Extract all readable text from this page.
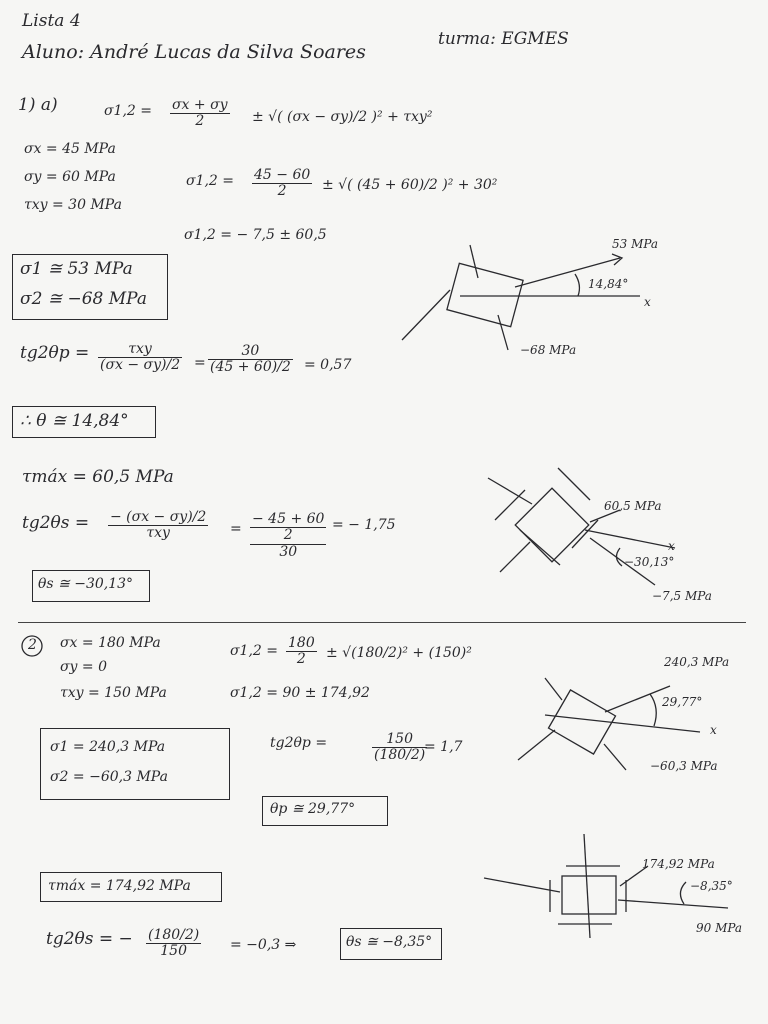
Lista 4
Aluno: André Lucas da Silva Soares
turma: EGMES
1) a)	$\sigma 1,2 = \frac{\sigma x + \sigma y}{2}$ ± √( (σx − σy)/2 )² + τxy²
σx = 45 MPa
σy = 60 MPa
τxy = 30 MPa
$\sigma 1,2 = \frac{45 - 60}{2}$ ± √( (45 + 60)/2 )² + 30²
σ1,2 = − 7,5 ± 60,5
σ1 ≅ 53 MPa
σ2 ≅ −68 MPa
$tg2\theta p = \frac{\text{τxy}}{(\sigma x - \sigma y)/2} = \frac{30}{(45 + 60)/2} = 0,57$
∴ θ ≅ 14,84°
τmáx = 60,5 MPa
$tg2\theta s = \frac{- (\sigma x - \sigma y)/2}{\text{τxy}}$ =
− 45 + 60
2
30
= − 1,75
θs ≅ −30,13°
53 MPa
14,84°
x
−68 MPa
60,5 MPa
x
−30,13°
−7,5 MPa
2 σx = 180 MPa
σy = 0
τxy = 150 MPa
$\sigma 1,2 = \frac{180}{2} \pm √(180/2)^2 + (150)^2$
σ1,2 = 90 ± 174,92
σ1 = 240,3 MPa
σ2 = −60,3 MPa
tg2θp =	$\frac{150}{(180/2)}$
= 1,7
θp ≅ 29,77°
τmáx = 174,92 MPa
tg2θs = − $\frac{(180/2)}{150} = -0,3$ ⇒	θs ≅ −8,35°
240,3 MPa
29,77°
x
−60,3 MPa
174,92 MPa
−8,35°
90 MPa
